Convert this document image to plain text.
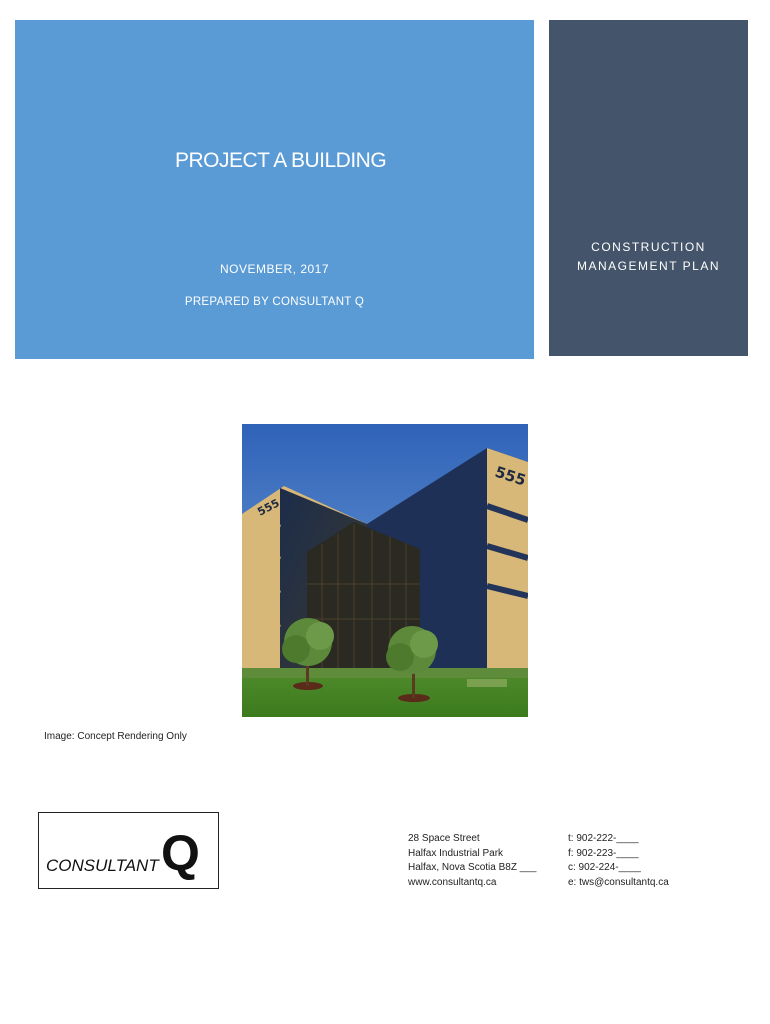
PROJECT A BUILDING
NOVEMBER, 2017
PREPARED BY CONSULTANT Q
CONSTRUCTION
MANAGEMENT PLAN
555
555
Image: Concept Rendering Only
CONSULTANT Q	28 Space Street
Halfax Industrial Park
Halfax, Nova Scotia B8Z ___
www.consultantq.ca
t: 902-222-____
f: 902-223-____
c: 902-224-____
e: tws@consultantq.ca
